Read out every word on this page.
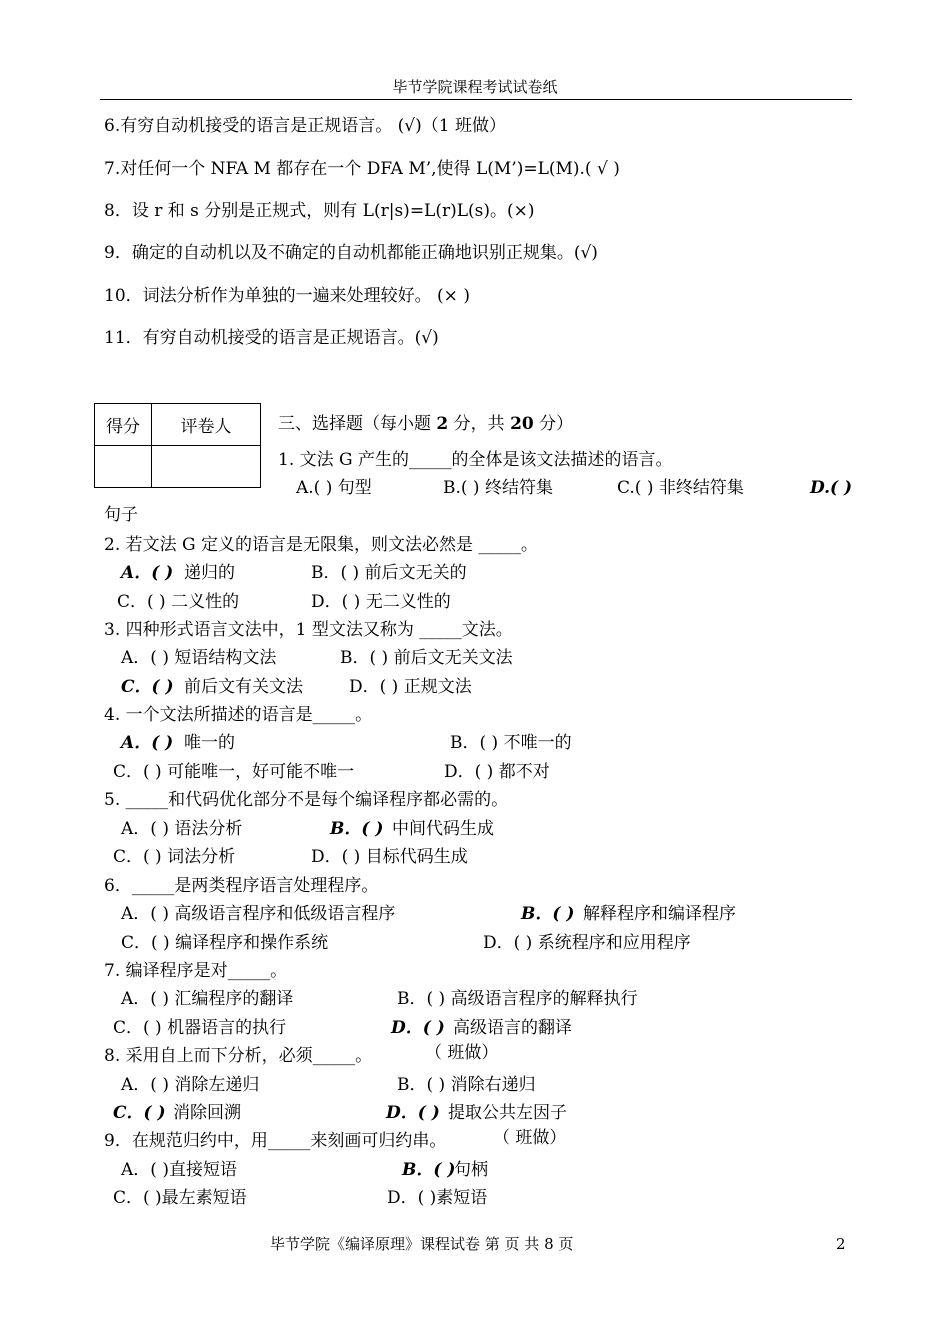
毕节学院课程考试试卷纸
6.有穷自动机接受的语言是正规语言。 (√)（1 班做）
7.对任何一个 NFA M 都存在一个 DFA M’,使得 L(M’)=L(M).( √ )
8．设 r 和 s 分别是正规式，则有 L(r|s)=L(r)L(s)。(×)
9．确定的自动机以及不确定的自动机都能正确地识别正规集。(√)
10．词法分析作为单独的一遍来处理较好。 (× )
11．有穷自动机接受的语言是正规语言。(√)
得分	评卷人
		三、选择题（每小题 2 分，共 20 分）
1. 文法 G 产生的_____的全体是该文法描述的语言。
A.( ) 句型	B.( ) 终结符集	C.( ) 非终结符集	D.( )
句子
2. 若文法 G 定义的语言是无限集，则文法必然是 _____。
A．( ) 递归的	B．( ) 前后文无关的
C．( ) 二义性的	D．( ) 无二义性的
3. 四种形式语言文法中，1 型文法又称为 _____文法。
A．( ) 短语结构文法	B．( ) 前后文无关文法
C．( ) 前后文有关文法	D．( ) 正规文法
4. 一个文法所描述的语言是_____。
A．( ) 唯一的	B．( ) 不唯一的
C．( ) 可能唯一，好可能不唯一	D．( ) 都不对
5. _____和代码优化部分不是每个编译程序都必需的。
A．( ) 语法分析	B．( ) 中间代码生成
C．( ) 词法分析	D．( ) 目标代码生成
6．_____是两类程序语言处理程序。
A．( ) 高级语言程序和低级语言程序	B．( ) 解释程序和编译程序
C．( ) 编译程序和操作系统	D．( ) 系统程序和应用程序
7. 编译程序是对_____。
A．( ) 汇编程序的翻译	B．( ) 高级语言程序的解释执行
C．( ) 机器语言的执行	D．( ) 高级语言的翻译
8. 采用自上而下分析，必须_____。	（ 班做）
A．( ) 消除左递归	B．( ) 消除右递归
C．( ) 消除回溯	D．( ) 提取公共左因子
9．在规范归约中，用_____来刻画可归约串。	（ 班做）
A．( )直接短语	B．( )
句柄
C．( )最左素短语	D．( )素短语
毕节学院《编译原理》课程试卷 第 页 共 8 页	2
